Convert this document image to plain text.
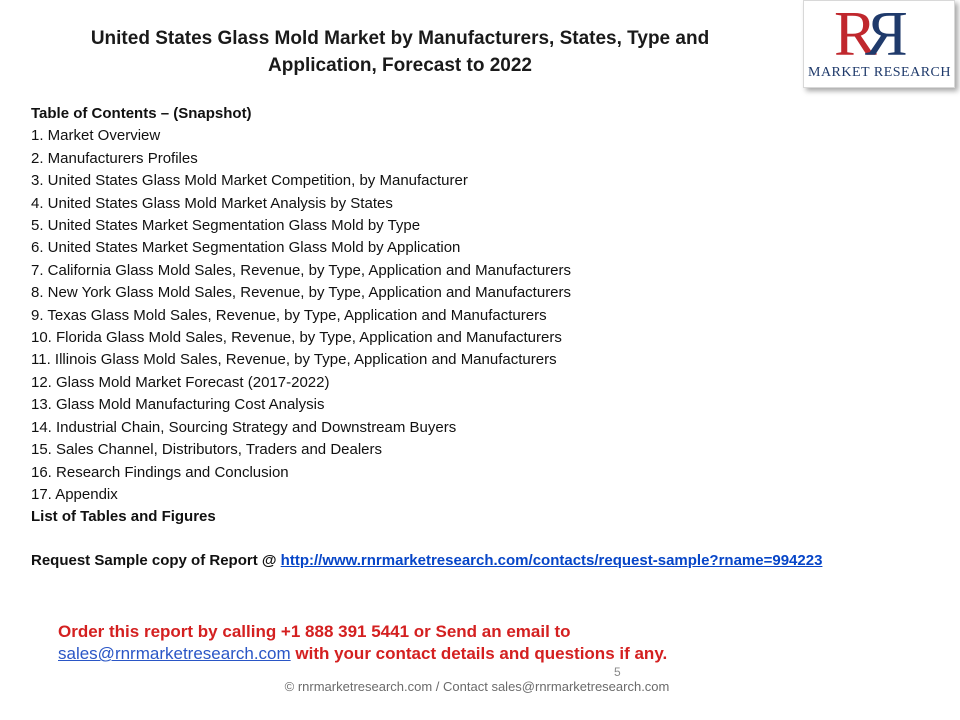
United States Glass Mold Market by Manufacturers, States, Type and
Application, Forecast to 2022	RR
MARKET RESEARCH
Table of Contents – (Snapshot)
1. Market Overview
2. Manufacturers Profiles
3. United States Glass Mold Market Competition, by Manufacturer
4. United States Glass Mold Market Analysis by States
5. United States Market Segmentation Glass Mold by Type
6. United States Market Segmentation Glass Mold by Application
7. California Glass Mold Sales, Revenue, by Type, Application and Manufacturers
8. New York Glass Mold Sales, Revenue, by Type, Application and Manufacturers
9. Texas Glass Mold Sales, Revenue, by Type, Application and Manufacturers
10. Florida Glass Mold Sales, Revenue, by Type, Application and Manufacturers
11. Illinois Glass Mold Sales, Revenue, by Type, Application and Manufacturers
12. Glass Mold Market Forecast (2017-2022)
13. Glass Mold Manufacturing Cost Analysis
14. Industrial Chain, Sourcing Strategy and Downstream Buyers
15. Sales Channel, Distributors, Traders and Dealers
16. Research Findings and Conclusion
17. Appendix
List of Tables and Figures
Request Sample copy of Report @ http://www.rnrmarketresearch.com/contacts/request-sample?rname=994223
Order this report by calling +1 888 391 5441 or Send an email to
sales@rnrmarketresearch.com with your contact details and questions if any.
5
© rnrmarketresearch.com / Contact sales@rnrmarketresearch.com
